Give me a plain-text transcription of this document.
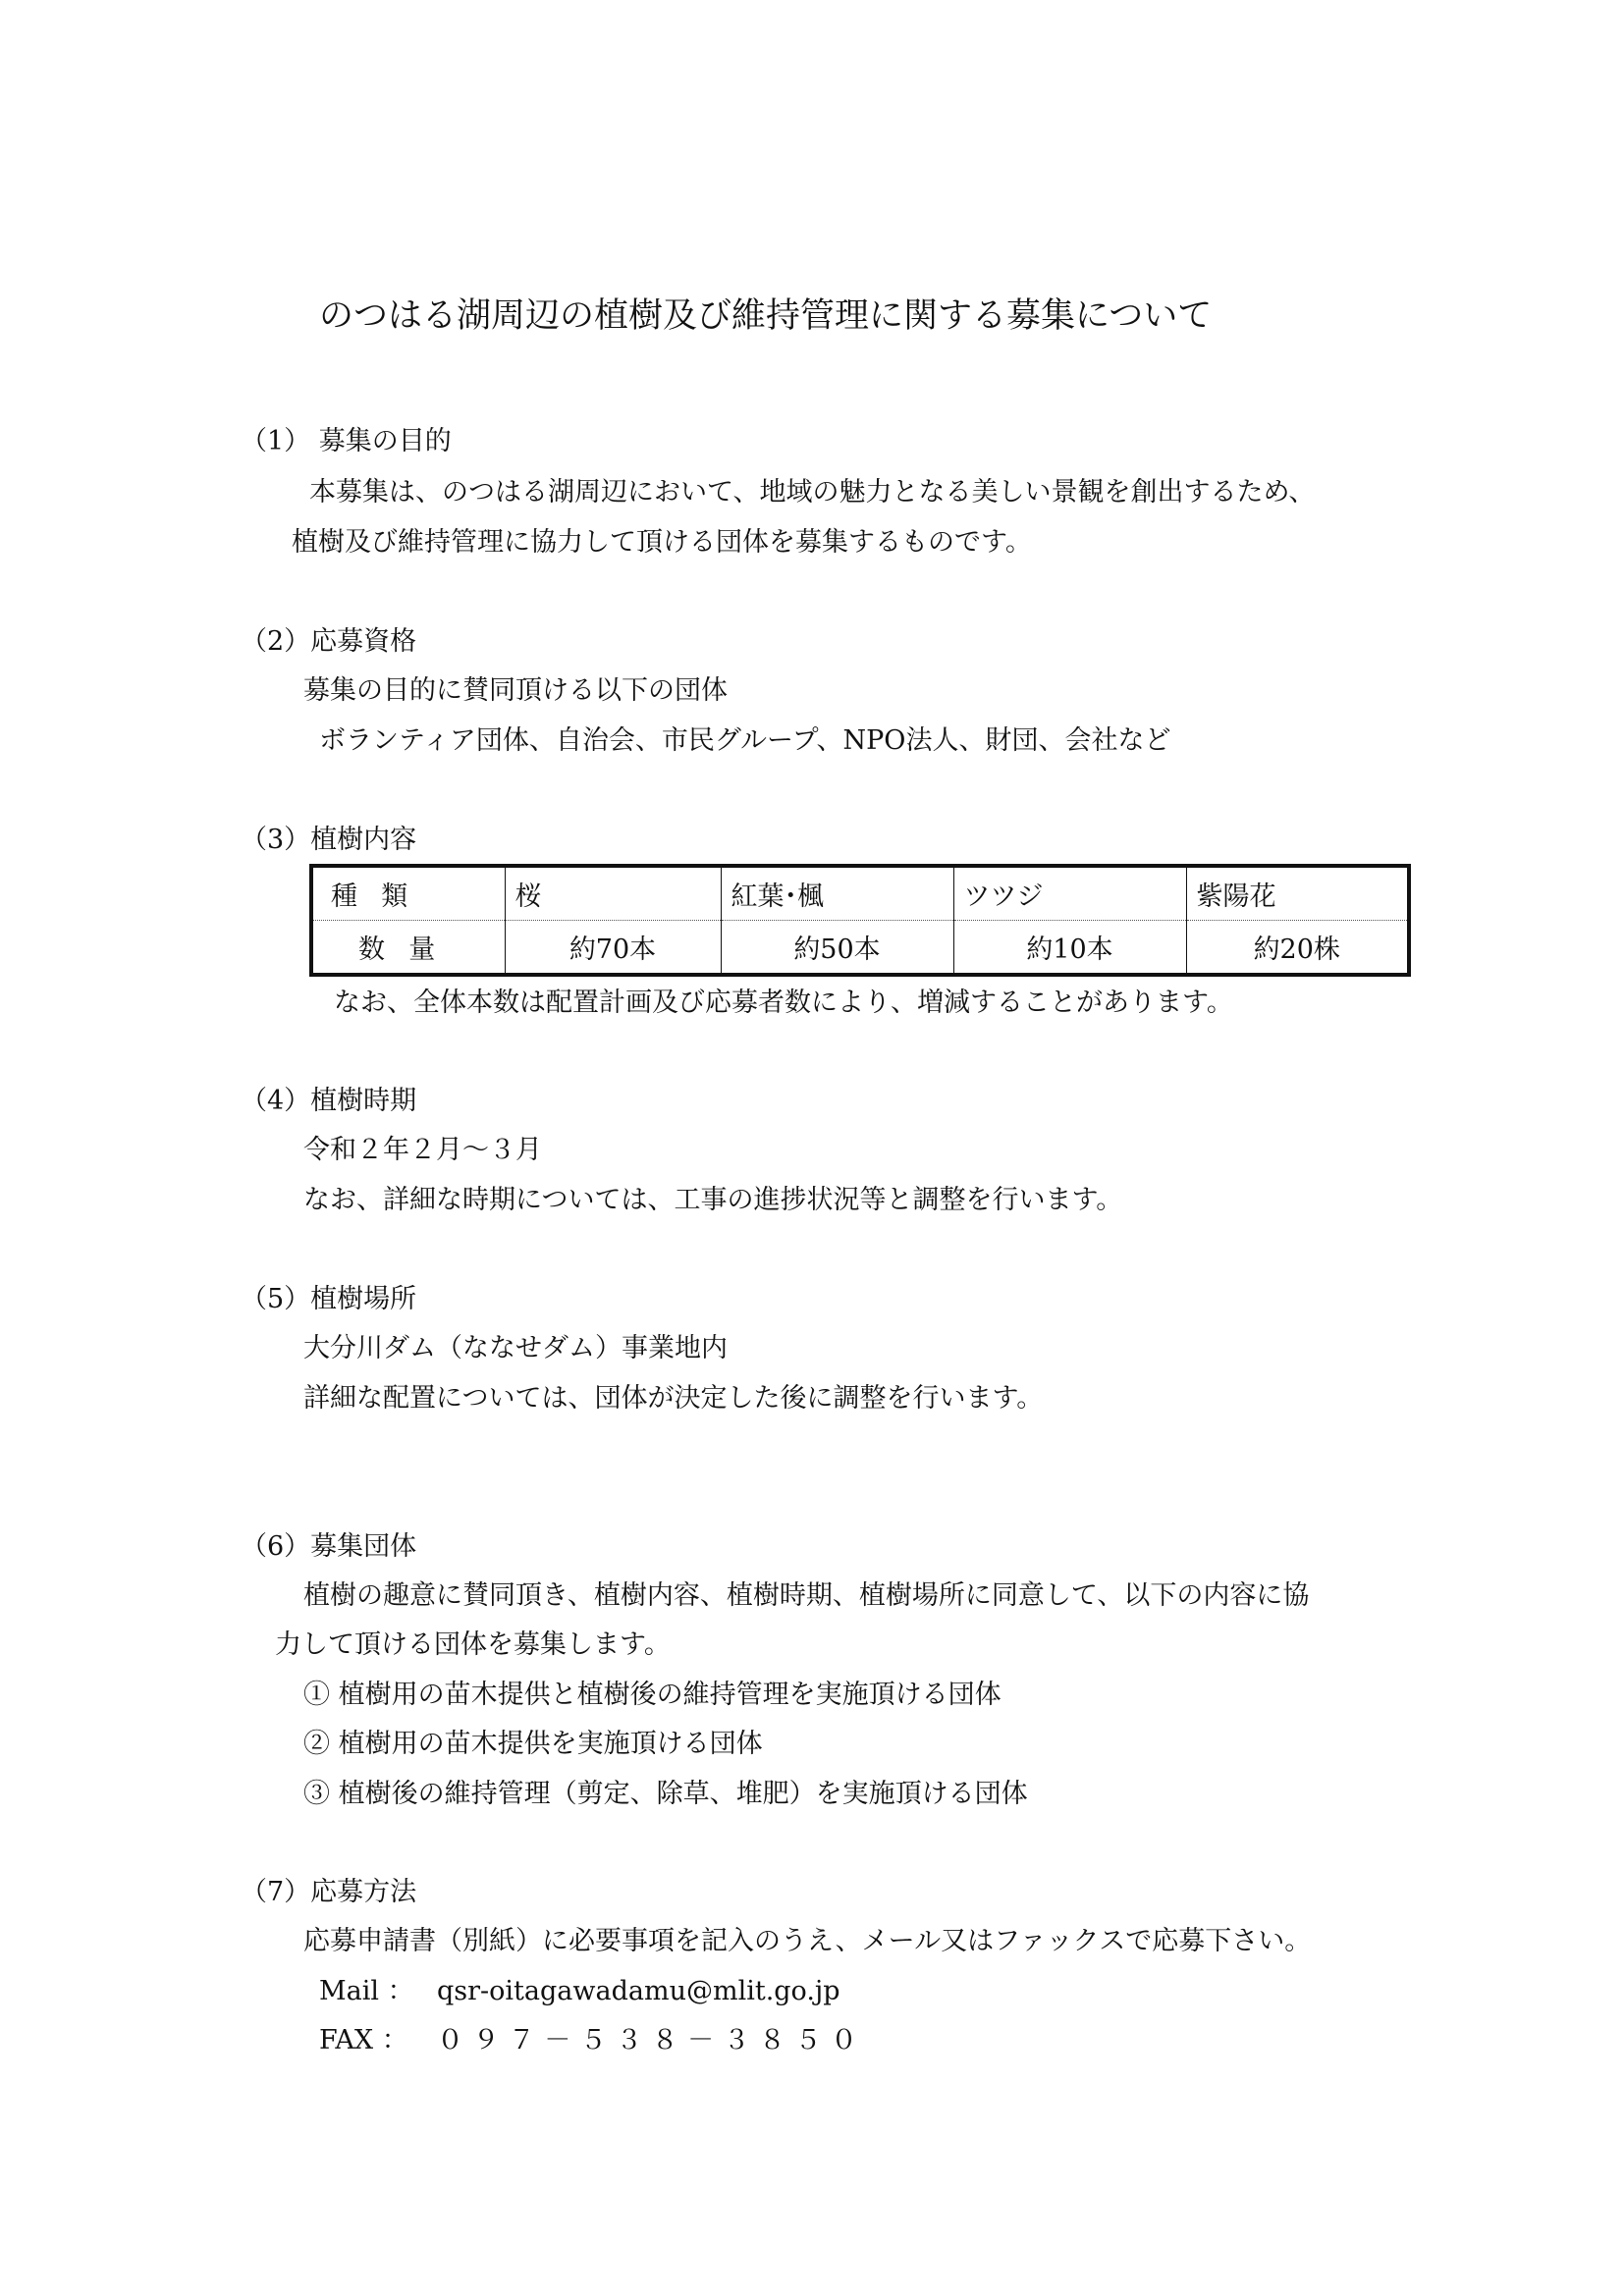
のつはる湖周辺の植樹及び維持管理に関する募集について
（1） 募集の目的
本募集は、のつはる湖周辺において、地域の魅力となる美しい景観を創出するため、
植樹及び維持管理に協力して頂ける団体を募集するものです。
（2）応募資格
募集の目的に賛同頂ける以下の団体
ボランティア団体、自治会、市民グループ、NPO法人、財団、会社など
（3）植樹内容
種類	桜	紅葉･楓	ツツジ	紫陽花
数量	約70本	約50本	約10本	約20株
なお、全体本数は配置計画及び応募者数により、増減することがあります。
（4）植樹時期
令和２年２月～３月
なお、詳細な時期については、工事の進捗状況等と調整を行います。
（5）植樹場所
大分川ダム（ななせダム）事業地内
詳細な配置については、団体が決定した後に調整を行います。
（6）募集団体
植樹の趣意に賛同頂き、植樹内容、植樹時期、植樹場所に同意して、以下の内容に協
力して頂ける団体を募集します。
① 植樹用の苗木提供と植樹後の維持管理を実施頂ける団体
② 植樹用の苗木提供を実施頂ける団体
③ 植樹後の維持管理（剪定、除草、堆肥）を実施頂ける団体
（7）応募方法
応募申請書（別紙）に必要事項を記入のうえ、メール又はファックスで応募下さい。
Mail ： qsr-oitagawadamu@mlit.go.jp
FAX ： ０９７－５３８－３８５０
